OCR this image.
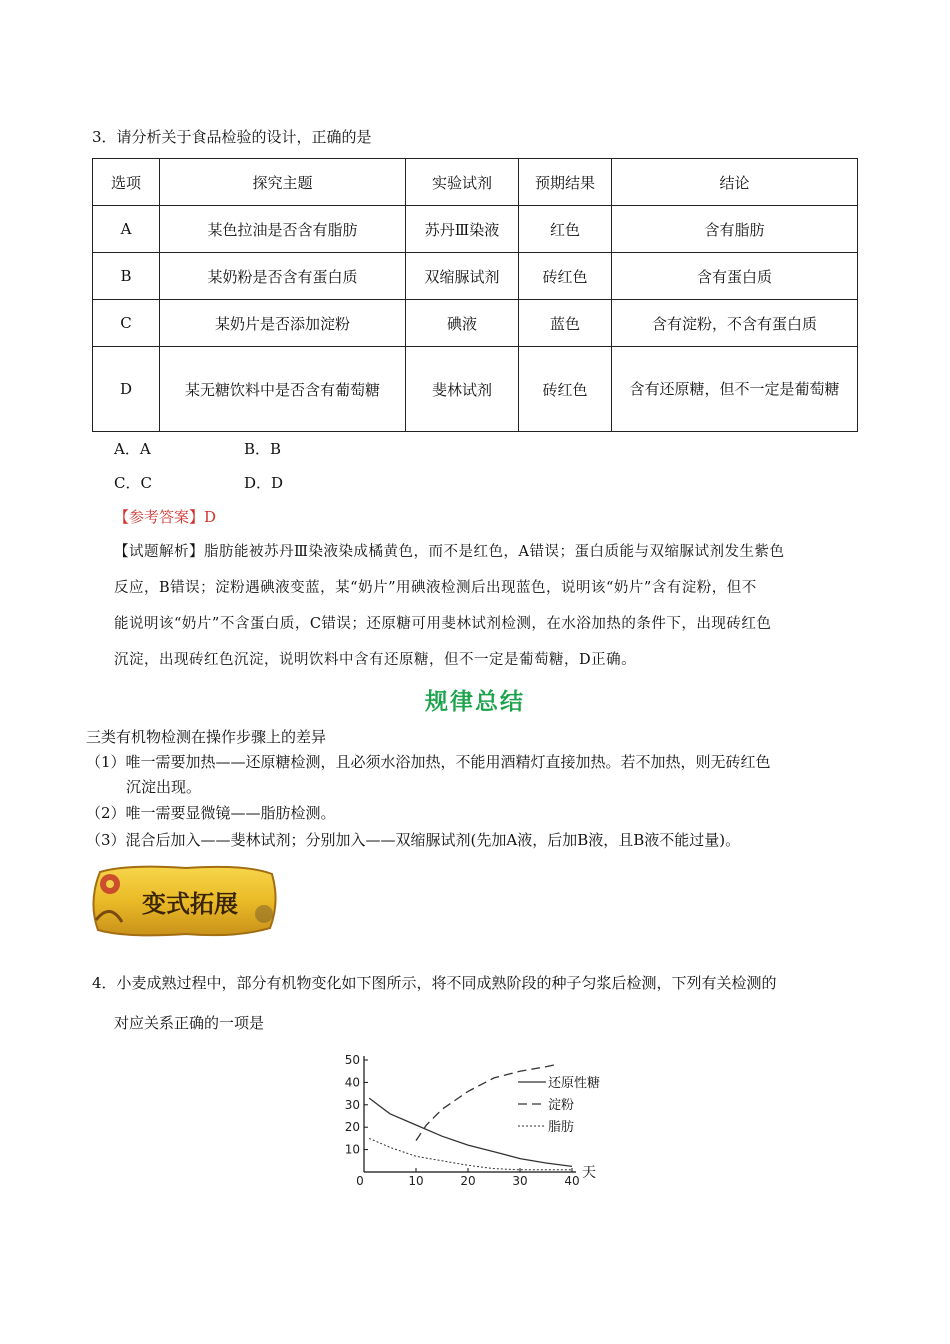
3．请分析关于食品检验的设计，正确的是
选项	探究主题	实验试剂	预期结果	结论
A	某色拉油是否含有脂肪	苏丹Ⅲ染液	红色	含有脂肪
B	某奶粉是否含有蛋白质	双缩脲试剂	砖红色	含有蛋白质
C	某奶片是否添加淀粉	碘液	蓝色	含有淀粉，不含有蛋白质
D	某无糖饮料中是否含有葡萄糖	斐林试剂	砖红色	含有还原糖，但不一定是葡萄糖
A．A	B．B
C．C	D．D
【参考答案】D
【试题解析】脂肪能被苏丹Ⅲ染液染成橘黄色，而不是红色，A错误；蛋白质能与双缩脲试剂发生紫色
反应，B错误；淀粉遇碘液变蓝，某“奶片”用碘液检测后出现蓝色，说明该“奶片”含有淀粉，但不
能说明该“奶片”不含蛋白质，C错误；还原糖可用斐林试剂检测，在水浴加热的条件下，出现砖红色
沉淀，出现砖红色沉淀，说明饮料中含有还原糖，但不一定是葡萄糖，D正确。
规律总结
三类有机物检测在操作步骤上的差异
（1）唯一需要加热——还原糖检测，且必须水浴加热，不能用酒精灯直接加热。若不加热，则无砖红色
沉淀出现。
（2）唯一需要显微镜——脂肪检测。
（3）混合后加入——斐林试剂；分别加入——双缩脲试剂(先加A液，后加B液，且B液不能过量)。
变式拓展
4．小麦成熟过程中，部分有机物变化如下图所示，将不同成熟阶段的种子匀浆后检测，下列有关检测的
对应关系正确的一项是
0	10	20	30	40
10
20
30
40
50
天
还原性糖
淀粉
脂肪
